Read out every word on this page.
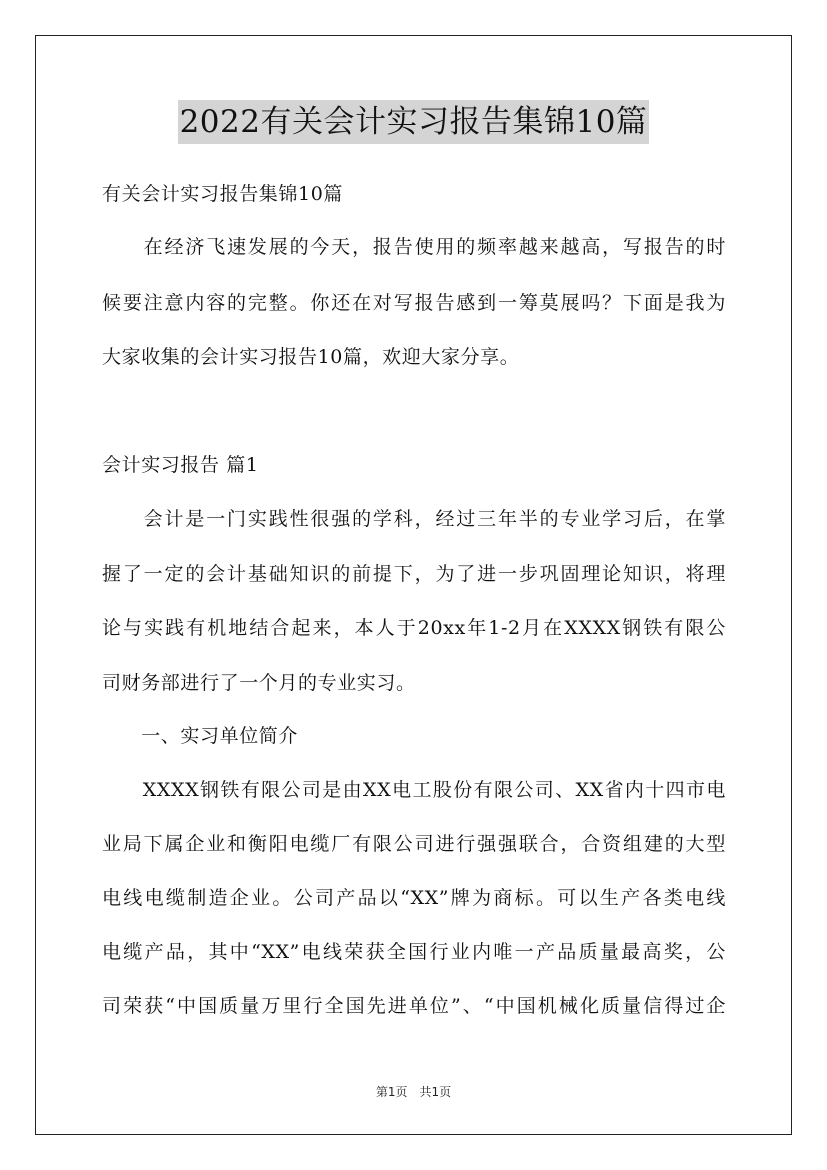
2022有关会计实习报告集锦10篇
有关会计实习报告集锦10篇
　　在经济飞速发展的今天，报告使用的频率越来越高，写报告的时
候要注意内容的完整。你还在对写报告感到一筹莫展吗？下面是我为
大家收集的会计实习报告10篇，欢迎大家分享。
会计实习报告 篇1
　　会计是一门实践性很强的学科，经过三年半的专业学习后，在掌
握了一定的会计基础知识的前提下，为了进一步巩固理论知识，将理
论与实践有机地结合起来，本人于20xx年1-2月在XXXX钢铁有限公
司财务部进行了一个月的专业实习。
　　一、实习单位简介
　　XXXX钢铁有限公司是由XX电工股份有限公司、XX省内十四市电
业局下属企业和衡阳电缆厂有限公司进行强强联合，合资组建的大型
电线电缆制造企业。公司产品以“XX”牌为商标。可以生产各类电线
电缆产品，其中“XX”电线荣获全国行业内唯一产品质量最高奖，公
司荣获“中国质量万里行全国先进单位”、“中国机械化质量信得过企
第1页　共1页
